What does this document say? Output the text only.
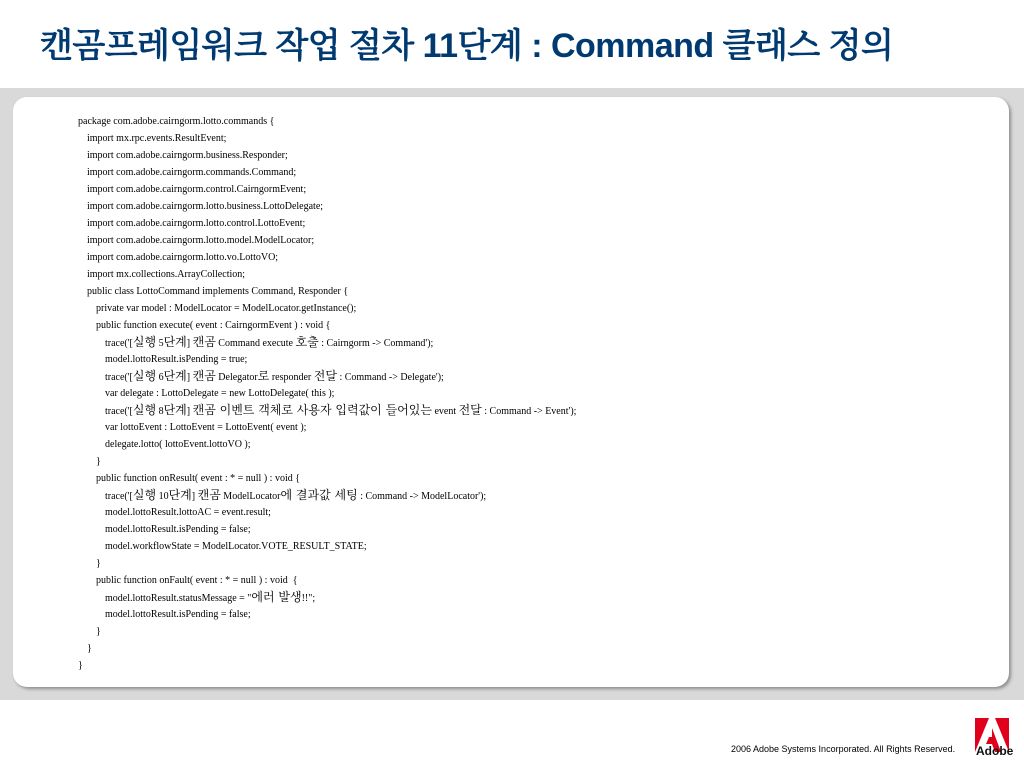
캔곰프레임워크 작업 절차 11단계 : Command 클래스 정의
package com.adobe.cairngorm.lotto.commands {
import mx.rpc.events.ResultEvent;
import com.adobe.cairngorm.business.Responder;
import com.adobe.cairngorm.commands.Command;
import com.adobe.cairngorm.control.CairngormEvent;
import com.adobe.cairngorm.lotto.business.LottoDelegate;
import com.adobe.cairngorm.lotto.control.LottoEvent;
import com.adobe.cairngorm.lotto.model.ModelLocator;
import com.adobe.cairngorm.lotto.vo.LottoVO;
import mx.collections.ArrayCollection;
public class LottoCommand implements Command, Responder {
private var model : ModelLocator = ModelLocator.getInstance();
public function execute( event : CairngormEvent ) : void {
trace('[실행 5단계] 캔곰 Command execute 호출 : Cairngorm -> Command');
model.lottoResult.isPending = true;
trace('[실행 6단계] 캔곰 Delegator로 responder 전달 : Command -> Delegate');
var delegate : LottoDelegate = new LottoDelegate( this );
trace('[실행 8단계] 캔곰 이벤트 객체로 사용자 입력값이 들어있는 event 전달 : Command -> Event');
var lottoEvent : LottoEvent = LottoEvent( event );
delegate.lotto( lottoEvent.lottoVO );
}
public function onResult( event : * = null ) : void {
trace('[실행 10단계] 캔곰 ModelLocator에 결과값 세팅 : Command -> ModelLocator');
model.lottoResult.lottoAC = event.result;
model.lottoResult.isPending = false;
model.workflowState = ModelLocator.VOTE_RESULT_STATE;
}
public function onFault( event : * = null ) : void  {
model.lottoResult.statusMessage = "에러 발생!!";
model.lottoResult.isPending = false;
}
}
}
2006 Adobe Systems Incorporated. All Rights Reserved. Adobe
